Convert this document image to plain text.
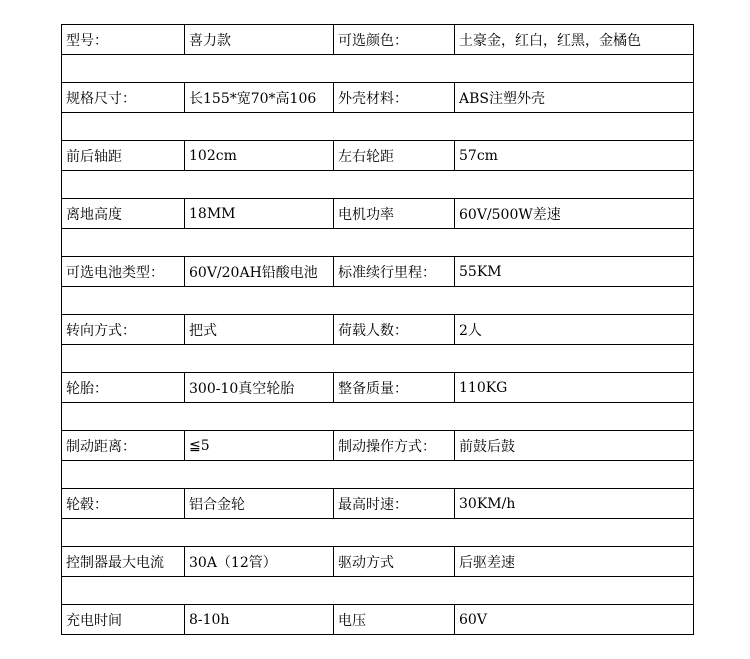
型号：	喜力款	可选颜色：	土豪金，红白，红黑，金橘色

规格尺寸：	长155*宽70*高106	外壳材料：	ABS注塑外壳

前后轴距	102cm	左右轮距	57cm

离地高度	18MM	电机功率	60V/500W差速

可选电池类型：	60V/20AH铅酸电池	标准续行里程：	55KM

转向方式：	把式	荷载人数：	2人

轮胎：	300-10真空轮胎	整备质量：	110KG

制动距离：	≦5	制动操作方式：	前鼓后鼓

轮毂：	铝合金轮	最高时速：	30KM/h

控制器最大电流	30A（12管）	驱动方式	后驱差速

充电时间	8-10h	电压	60V
